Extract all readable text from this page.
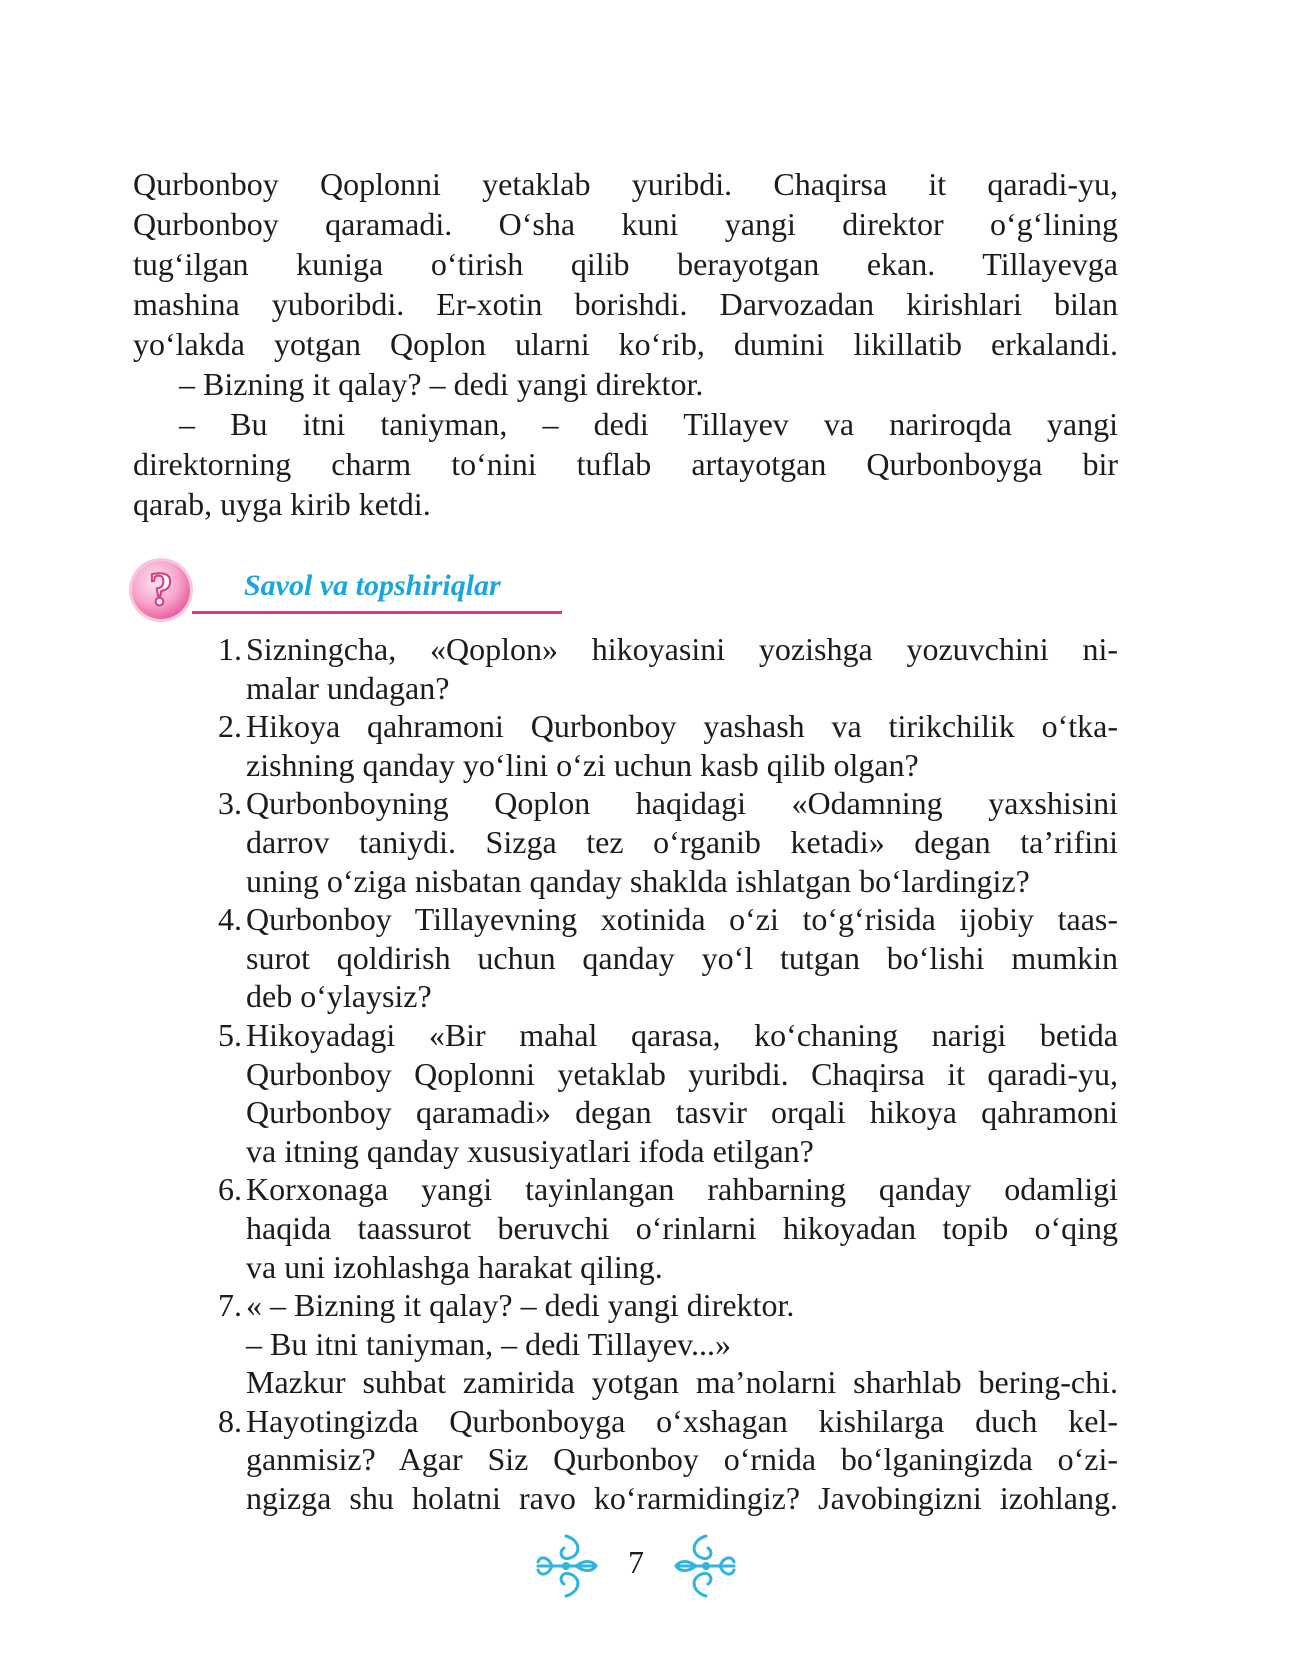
Qurbonboy Qoplonni yetaklab yuribdi. Chaqirsa it qaradi-yu,
Qurbonboy qaramadi. O‘sha kuni yangi direktor o‘g‘lining
tug‘ilgan kuniga o‘tirish qilib berayotgan ekan. Tillayevga
mashina yuboribdi. Er-xotin borishdi. Darvozadan kirishlari bilan
yo‘lakda yotgan Qoplon ularni ko‘rib, dumini likillatib erkalandi.
– Bizning it qalay? – dedi yangi direktor.
– Bu itni taniyman, – dedi Tillayev va nariroqda yangi
direktorning charm to‘nini tuflab artayotgan Qurbonboyga bir
qarab, uyga kirib ketdi.
?	Savol va topshiriqlar
1. Sizningcha, «Qoplon» hikoyasini yozishga yozuvchini ni-
malar undagan?
2. Hikoya qahramoni Qurbonboy yashash va tirikchilik o‘tka-
zishning qanday yo‘lini o‘zi uchun kasb qilib olgan?
3. Qurbonboyning Qoplon haqidagi «Odamning yaxshisini
darrov taniydi. Sizga tez o‘rganib ketadi» degan ta’rifini
uning o‘ziga nisbatan qanday shaklda ishlatgan bo‘lardingiz?
4. Qurbonboy Tillayevning xotinida o‘zi to‘g‘risida ijobiy taas-
surot qoldirish uchun qanday yo‘l tutgan bo‘lishi mumkin
deb o‘ylaysiz?
5. Hikoyadagi «Bir mahal qarasa, ko‘chaning narigi betida
Qurbonboy Qoplonni yetaklab yuribdi. Chaqirsa it qaradi-yu,
Qurbonboy qaramadi» degan tasvir orqali hikoya qahramoni
va itning qanday xususiyatlari ifoda etilgan?
6. Korxonaga yangi tayinlangan rahbarning qanday odamligi
haqida taassurot beruvchi o‘rinlarni hikoyadan topib o‘qing
va uni izohlashga harakat qiling.
7. « – Bizning it qalay? – dedi yangi direktor.
– Bu itni taniyman, – dedi Tillayev...»
Mazkur suhbat zamirida yotgan ma’nolarni sharhlab bering-chi.
8. Hayotingizda Qurbonboyga o‘xshagan kishilarga duch kel-
ganmisiz? Agar Siz Qurbonboy o‘rnida bo‘lganingizda o‘zi-
ngizga shu holatni ravo ko‘rarmidingiz? Javobingizni izohlang.
7
